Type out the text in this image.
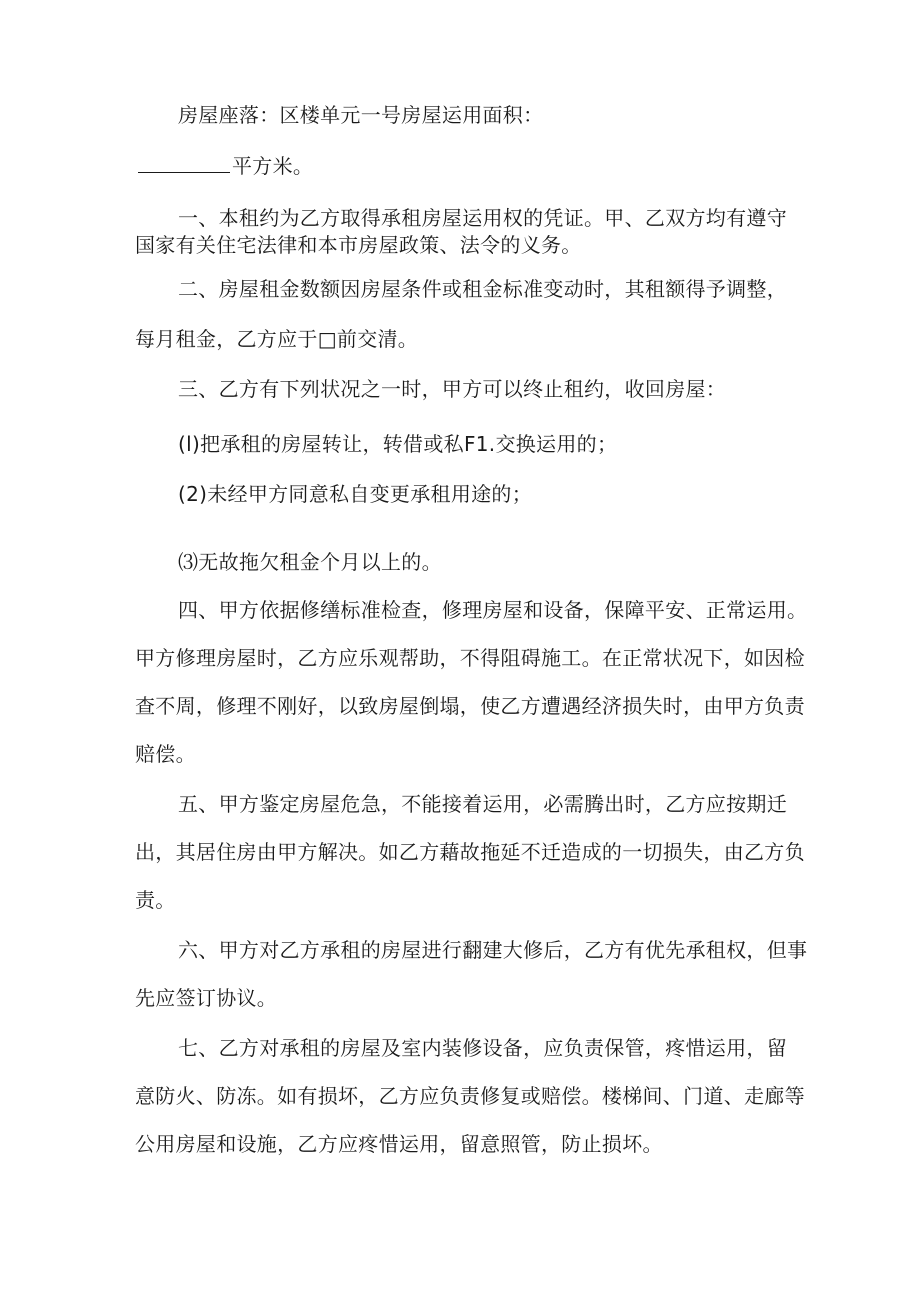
房屋座落：区楼单元一号房屋运用面积：
平方米。
一、本租约为乙方取得承租房屋运用权的凭证。甲、乙双方均有遵守
国家有关住宅法律和本市房屋政策、法令的义务。
二、房屋租金数额因房屋条件或租金标准变动时，其租额得予调整，
每月租金，乙方应于□前交清。
三、乙方有下列状况之一时，甲方可以终止租约，收回房屋：
(l)把承租的房屋转让，转借或私F1.交换运用的；
(2)未经甲方同意私自变更承租用途的；
⑶无故拖欠租金个月以上的。
四、甲方依据修缮标准检查，修理房屋和设备，保障平安、正常运用。
甲方修理房屋时，乙方应乐观帮助，不得阻碍施工。在正常状况下，如因检
查不周，修理不刚好，以致房屋倒塌，使乙方遭遇经济损失时，由甲方负责
赔偿。
五、甲方鉴定房屋危急，不能接着运用，必需腾出时，乙方应按期迁
出，其居住房由甲方解决。如乙方藉故拖延不迁造成的一切损失，由乙方负
责。
六、甲方对乙方承租的房屋进行翻建大修后，乙方有优先承租权，但事
先应签订协议。
七、乙方对承租的房屋及室内装修设备，应负责保管，疼惜运用，留
意防火、防冻。如有损坏，乙方应负责修复或赔偿。楼梯间、门道、走廊等
公用房屋和设施，乙方应疼惜运用，留意照管，防止损坏。
